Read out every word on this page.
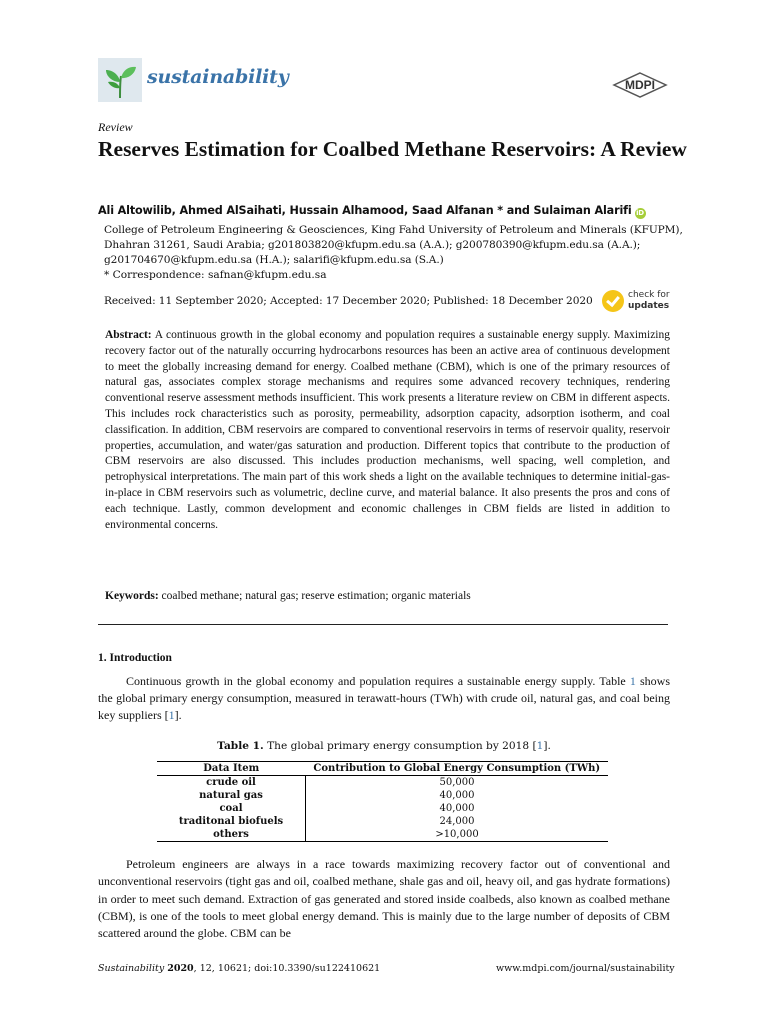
sustainability	MDPI
Review
Reserves Estimation for Coalbed Methane Reservoirs: A Review
Ali Altowilib, Ahmed AlSaihati, Hussain Alhamood, Saad Alfanan * and Sulaiman Alarifi iD
College of Petroleum Engineering & Geosciences, King Fahd University of Petroleum and Minerals (KFUPM),
Dhahran 31261, Saudi Arabia; g201803820@kfupm.edu.sa (A.A.); g200780390@kfupm.edu.sa (A.A.);
g201704670@kfupm.edu.sa (H.A.); salarifi@kfupm.edu.sa (S.A.)
* Correspondence: safnan@kfupm.edu.sa
Received: 11 September 2020; Accepted: 17 December 2020; Published: 18 December 2020	check for
updates
Abstract: A continuous growth in the global economy and population requires a sustainable energy supply. Maximizing recovery factor out of the naturally occurring hydrocarbons resources has been an active area of continuous development to meet the globally increasing demand for energy. Coalbed methane (CBM), which is one of the primary resources of natural gas, associates complex storage mechanisms and requires some advanced recovery techniques, rendering conventional reserve assessment methods insufficient. This work presents a literature review on CBM in different aspects. This includes rock characteristics such as porosity, permeability, adsorption capacity, adsorption isotherm, and coal classification. In addition, CBM reservoirs are compared to conventional reservoirs in terms of reservoir quality, reservoir properties, accumulation, and water/gas saturation and production. Different topics that contribute to the production of CBM reservoirs are also discussed. This includes production mechanisms, well spacing, well completion, and petrophysical interpretations. The main part of this work sheds a light on the available techniques to determine initial-gas-in-place in CBM reservoirs such as volumetric, decline curve, and material balance. It also presents the pros and cons of each technique. Lastly, common development and economic challenges in CBM fields are listed in addition to environmental concerns.
Keywords: coalbed methane; natural gas; reserve estimation; organic materials
1. Introduction
Continuous growth in the global economy and population requires a sustainable energy supply. Table 1 shows the global primary energy consumption, measured in terawatt-hours (TWh) with crude oil, natural gas, and coal being key suppliers [1].
Table 1. The global primary energy consumption by 2018 [1].
Data Item	Contribution to Global Energy Consumption (TWh)
crude oil	50,000
natural gas	40,000
coal	40,000
traditonal biofuels	24,000
others	>10,000
Petroleum engineers are always in a race towards maximizing recovery factor out of conventional and unconventional reservoirs (tight gas and oil, coalbed methane, shale gas and oil, heavy oil, and gas hydrate formations) in order to meet such demand. Extraction of gas generated and stored inside coalbeds, also known as coalbed methane (CBM), is one of the tools to meet global energy demand. This is mainly due to the large number of deposits of CBM scattered around the globe. CBM can be
Sustainability 2020, 12, 10621; doi:10.3390/su122410621	www.mdpi.com/journal/sustainability
